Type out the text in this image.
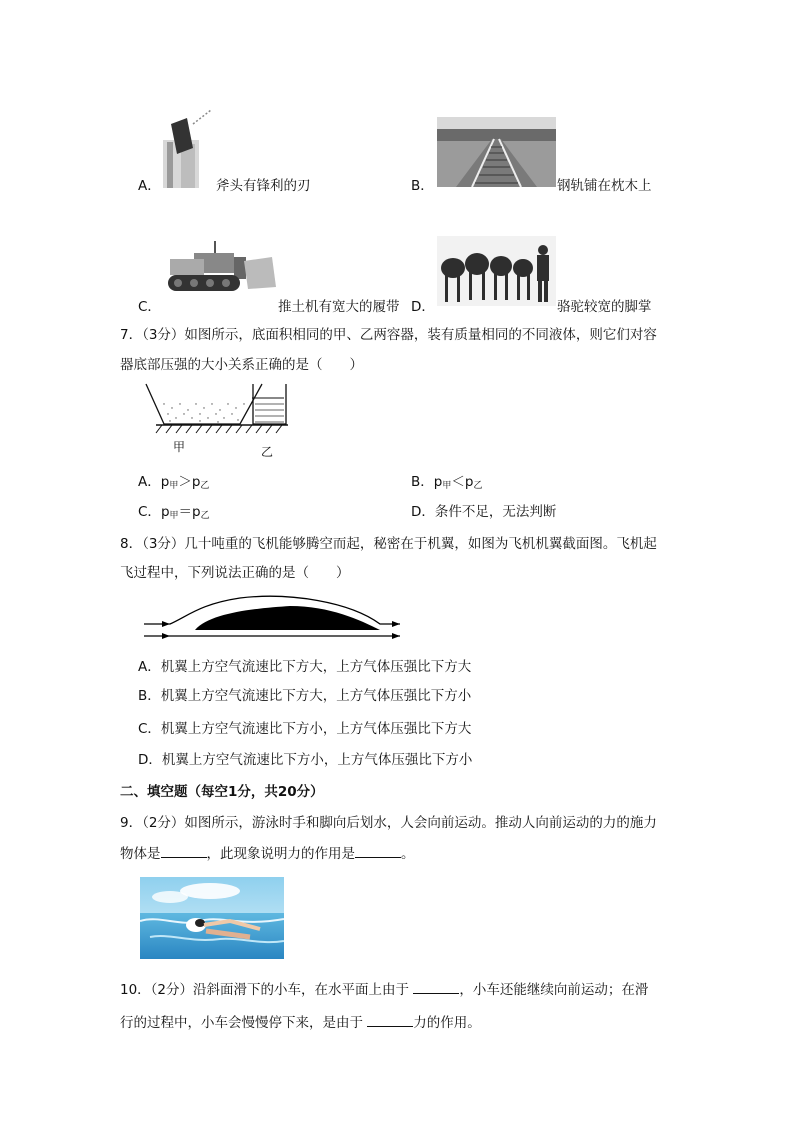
A．	斧头有锋利的刃	B．	钢轨铺在枕木上
C．	推土机有宽大的履带 D．	骆驼较宽的脚掌
7．（3分）如图所示，底面积相同的甲、乙两容器，装有质量相同的不同液体，则它们对容
器底部压强的大小关系正确的是（　　）
甲	乙
A．$p_甲>p_乙$	B．$p_甲<p_乙$
C．$p_甲=p_乙$	D．条件不足，无法判断
8．（3分）几十吨重的飞机能够腾空而起，秘密在于机翼，如图为飞机机翼截面图。飞机起
飞过程中，下列说法正确的是（　　）
A．机翼上方空气流速比下方大，上方气体压强比下方大
B．机翼上方空气流速比下方大，上方气体压强比下方小
C．机翼上方空气流速比下方小，上方气体压强比下方大
D．机翼上方空气流速比下方小，上方气体压强比下方小
二、填空题（每空1分，共20分）
9．（2分）如图所示，游泳时手和脚向后划水，人会向前运动。推动人向前运动的力的施力
物体是	，此现象说明力的作用是	。
10．（2分）沿斜面滑下的小车，在水平面上由于	，小车还能继续向前运动；在滑
行的过程中，小车会慢慢停下来，是由于	力的作用。
